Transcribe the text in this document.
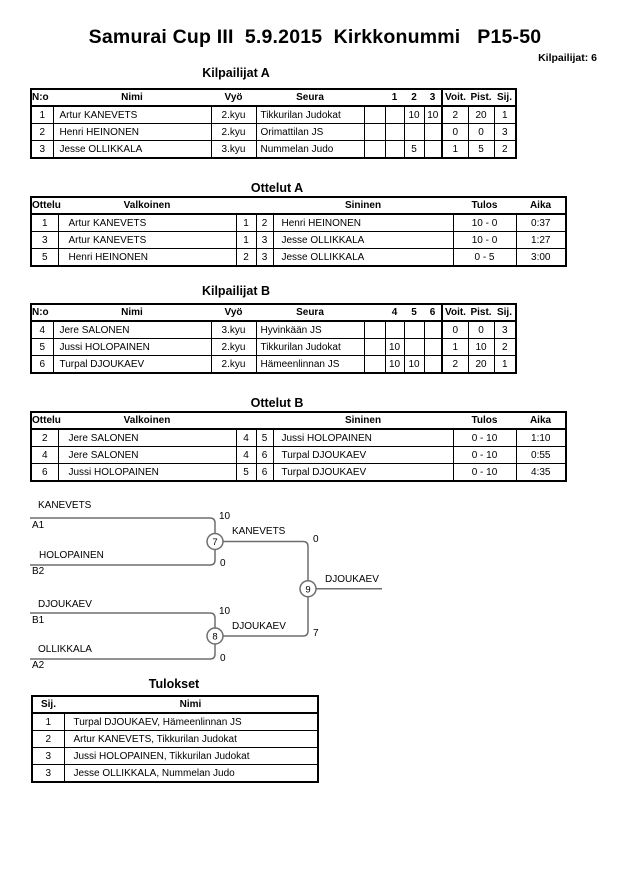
Samurai Cup III  5.9.2015  Kirkkonummi   P15-50
Kilpailijat: 6
Kilpailijat A
N:o	Nimi	Vyö	Seura		1	2	3	Voit.	Pist.	Sij.
1	Artur KANEVETS	2.kyu	Tikkurilan Judokat			10	10	2	20	1
2	Henri HEINONEN	2.kyu	Orimattilan JS					0	0	3
3	Jesse OLLIKKALA	3.kyu	Nummelan Judo			5		1	5	2
Ottelut A
Ottelu	Valkoinen			Sininen	Tulos	Aika
1	Artur KANEVETS	1	2	Henri HEINONEN	10 - 0	0:37
3	Artur KANEVETS	1	3	Jesse OLLIKKALA	10 - 0	1:27
5	Henri HEINONEN	2	3	Jesse OLLIKKALA	0 - 5	3:00
Kilpailijat B
N:o	Nimi	Vyö	Seura		4	5	6	Voit.	Pist.	Sij.
4	Jere SALONEN	3.kyu	Hyvinkään JS					0	0	3
5	Jussi HOLOPAINEN	2.kyu	Tikkurilan Judokat		10			1	10	2
6	Turpal DJOUKAEV	2.kyu	Hämeenlinnan JS		10	10		2	20	1
Ottelut B
Ottelu	Valkoinen			Sininen	Tulos	Aika
2	Jere SALONEN	4	5	Jussi HOLOPAINEN	0 - 10	1:10
4	Jere SALONEN	4	6	Turpal DJOUKAEV	0 - 10	0:55
6	Jussi HOLOPAINEN	5	6	Turpal DJOUKAEV	0 - 10	4:35
7
8
9
KANEVETS
A1
10
HOLOPAINEN
B2
0
KANEVETS
0
DJOUKAEV
DJOUKAEV
B1
10
DJOUKAEV
7
OLLIKKALA
A2
0
Tulokset
Sij.	Nimi
1	Turpal DJOUKAEV, Hämeenlinnan JS
2	Artur KANEVETS, Tikkurilan Judokat
3	Jussi HOLOPAINEN, Tikkurilan Judokat
3	Jesse OLLIKKALA, Nummelan Judo
